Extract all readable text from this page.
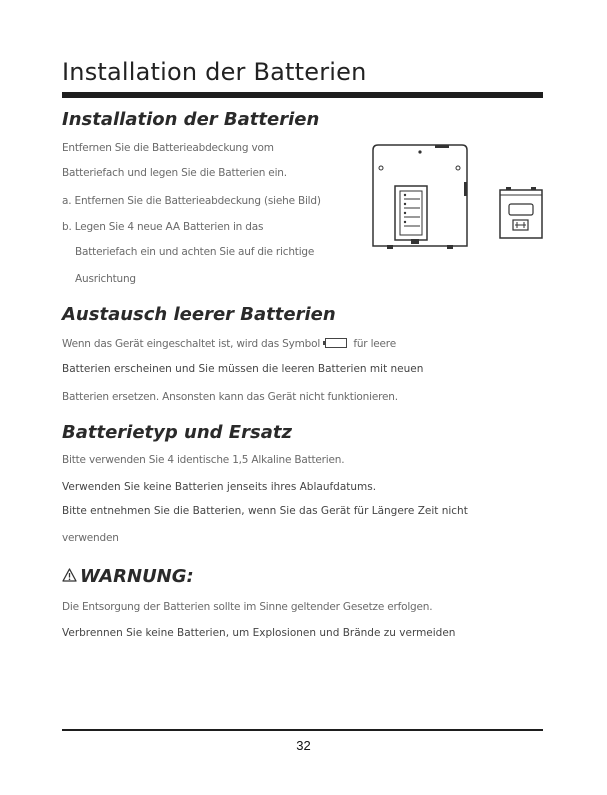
Installation der Batterien
Installation der Batterien

Entfernen Sie die Batterieabdeckung vom

Batteriefach und legen Sie die Batterien ein.

a. Entfernen Sie die Batterieabdeckung (siehe Bild)

b. Legen Sie 4 neue AA Batterien in das

Batteriefach ein und achten Sie auf die richtige

Ausrichtung

Austausch leerer Batterien

Wenn das Gerät eingeschaltet ist, wird das Symbol	für leere

Batterien erscheinen und Sie müssen die leeren Batterien mit neuen

Batterien ersetzen. Ansonsten kann das Gerät nicht funktionieren.

Batterietyp und Ersatz

Bitte verwenden Sie 4 identische 1,5 Alkaline Batterien.

Verwenden Sie keine Batterien jenseits ihres Ablaufdatums.

Bitte entnehmen Sie die Batterien, wenn Sie das Gerät für Längere Zeit nicht

verwenden

WARNUNG:

Die Entsorgung der Batterien sollte im Sinne geltender Gesetze erfolgen.

Verbrennen Sie keine Batterien, um Explosionen und Brände zu vermeiden

32
